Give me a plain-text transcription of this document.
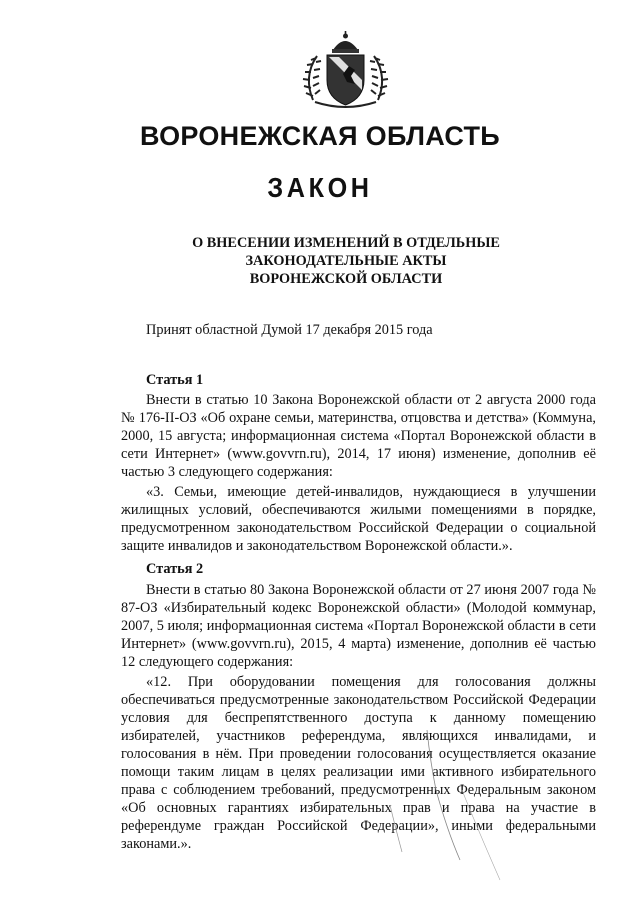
ВОРОНЕЖСКАЯ ОБЛАСТЬ
ЗАКОН
О ВНЕСЕНИИ ИЗМЕНЕНИЙ В ОТДЕЛЬНЫЕ
ЗАКОНОДАТЕЛЬНЫЕ АКТЫ
ВОРОНЕЖСКОЙ ОБЛАСТИ

Принят областной Думой 17 декабря 2015 года

Статья 1

Внести в статью 10 Закона Воронежской области от 2 августа 2000 года № 176-II-ОЗ «Об охране семьи, материнства, отцовства и детства» (Коммуна, 2000, 15 августа; информационная система «Портал Воронежской области в сети Интернет» (www.govvrn.ru), 2014, 17 июня) изменение, дополнив её частью 3 следующего содержания:

«3. Семьи, имеющие детей-инвалидов, нуждающиеся в улучшении жилищных условий, обеспечиваются жилыми помещениями в порядке, предусмотренном законодательством Российской Федерации о социальной защите инвалидов и законодательством Воронежской области.».

Статья 2

Внести в статью 80 Закона Воронежской области от 27 июня 2007 года № 87-ОЗ «Избирательный кодекс Воронежской области» (Молодой коммунар, 2007, 5 июля; информационная система «Портал Воронежской области в сети Интернет» (www.govvrn.ru), 2015, 4 марта) изменение, дополнив её частью 12 следующего содержания:

«12. При оборудовании помещения для голосования должны обеспечиваться предусмотренные законодательством Российской Федерации условия для беспрепятственного доступа к данному помещению избирателей, участников референдума, являющихся инвалидами, и голосования в нём. При проведении голосования осуществляется оказание помощи таким лицам в целях реализации ими активного избирательного права с соблюдением требований, предусмотренных Федеральным законом «Об основных гарантиях избирательных прав и права на участие в референдуме граждан Российской Федерации», иными федеральными законами.».
